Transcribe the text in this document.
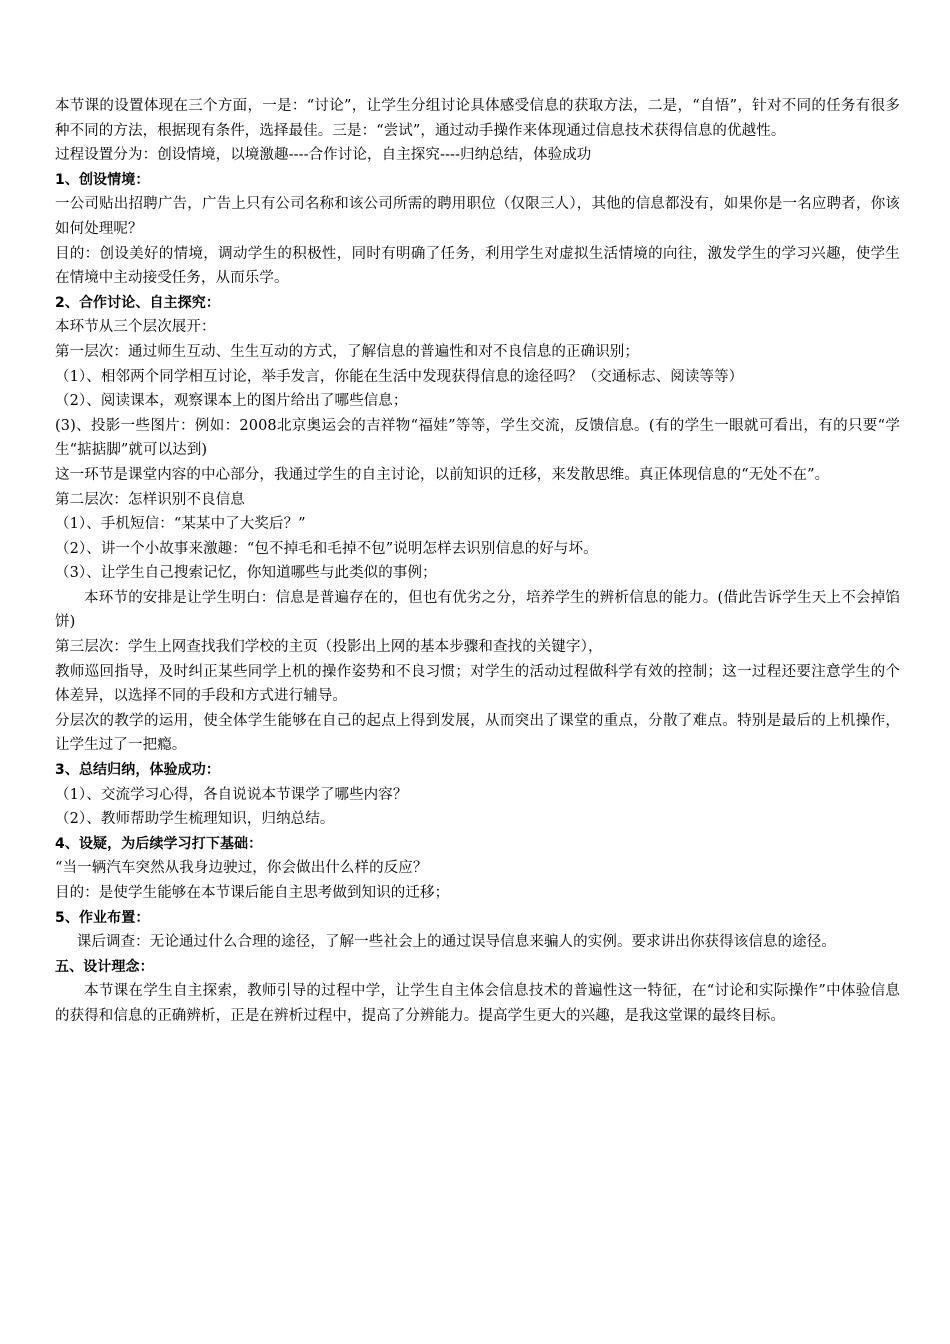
本节课的设置体现在三个方面，一是：“讨论”，让学生分组讨论具体感受信息的获取方法，二是，“自悟”，针对不同的任务有很多种不同的方法，根据现有条件，选择最佳。三是：“尝试”，通过动手操作来体现通过信息技术获得信息的优越性。

过程设置分为：创设情境，以境激趣----合作讨论，自主探究----归纳总结，体验成功

1、创设情境：

一公司贴出招聘广告，广告上只有公司名称和该公司所需的聘用职位（仅限三人），其他的信息都没有，如果你是一名应聘者，你该如何处理呢？

目的：创设美好的情境，调动学生的积极性，同时有明确了任务，利用学生对虚拟生活情境的向往，激发学生的学习兴趣，使学生在情境中主动接受任务，从而乐学。

2、合作讨论、自主探究：

本环节从三个层次展开：

第一层次：通过师生互动、生生互动的方式，了解信息的普遍性和对不良信息的正确识别；

（1）、相邻两个同学相互讨论，举手发言，你能在生活中发现获得信息的途径吗？（交通标志、阅读等等）

（2）、阅读课本，观察课本上的图片给出了哪些信息；

(3)、投影一些图片：例如：2008北京奥运会的吉祥物“福娃”等等，学生交流，反馈信息。(有的学生一眼就可看出，有的只要“学生“掂掂脚”就可以达到)

这一环节是课堂内容的中心部分，我通过学生的自主讨论，以前知识的迁移，来发散思维。真正体现信息的“无处不在”。

第二层次：怎样识别不良信息

（1）、手机短信：“某某中了大奖后？”

（2）、讲一个小故事来激趣：“包不掉毛和毛掉不包”说明怎样去识别信息的好与坏。

（3）、让学生自己搜索记忆，你知道哪些与此类似的事例；

本环节的安排是让学生明白：信息是普遍存在的，但也有优劣之分，培养学生的辨析信息的能力。(借此告诉学生天上不会掉馅饼)

第三层次：学生上网查找我们学校的主页（投影出上网的基本步骤和查找的关键字），

教师巡回指导，及时纠正某些同学上机的操作姿势和不良习惯；对学生的活动过程做科学有效的控制；这一过程还要注意学生的个体差异，以选择不同的手段和方式进行辅导。

分层次的教学的运用，使全体学生能够在自己的起点上得到发展，从而突出了课堂的重点，分散了难点。特别是最后的上机操作，让学生过了一把瘾。

3、总结归纳，体验成功：

（1）、交流学习心得，各自说说本节课学了哪些内容？

（2）、教师帮助学生梳理知识，归纳总结。

4、设疑，为后续学习打下基础：

“当一辆汽车突然从我身边驶过，你会做出什么样的反应？

目的：是使学生能够在本节课后能自主思考做到知识的迁移；

5、作业布置：

课后调查：无论通过什么合理的途径，了解一些社会上的通过误导信息来骗人的实例。要求讲出你获得该信息的途径。

五、设计理念：

本节课在学生自主探索，教师引导的过程中学，让学生自主体会信息技术的普遍性这一特征，在“讨论和实际操作”中体验信息的获得和信息的正确辨析，正是在辨析过程中，提高了分辨能力。提高学生更大的兴趣，是我这堂课的最终目标。
